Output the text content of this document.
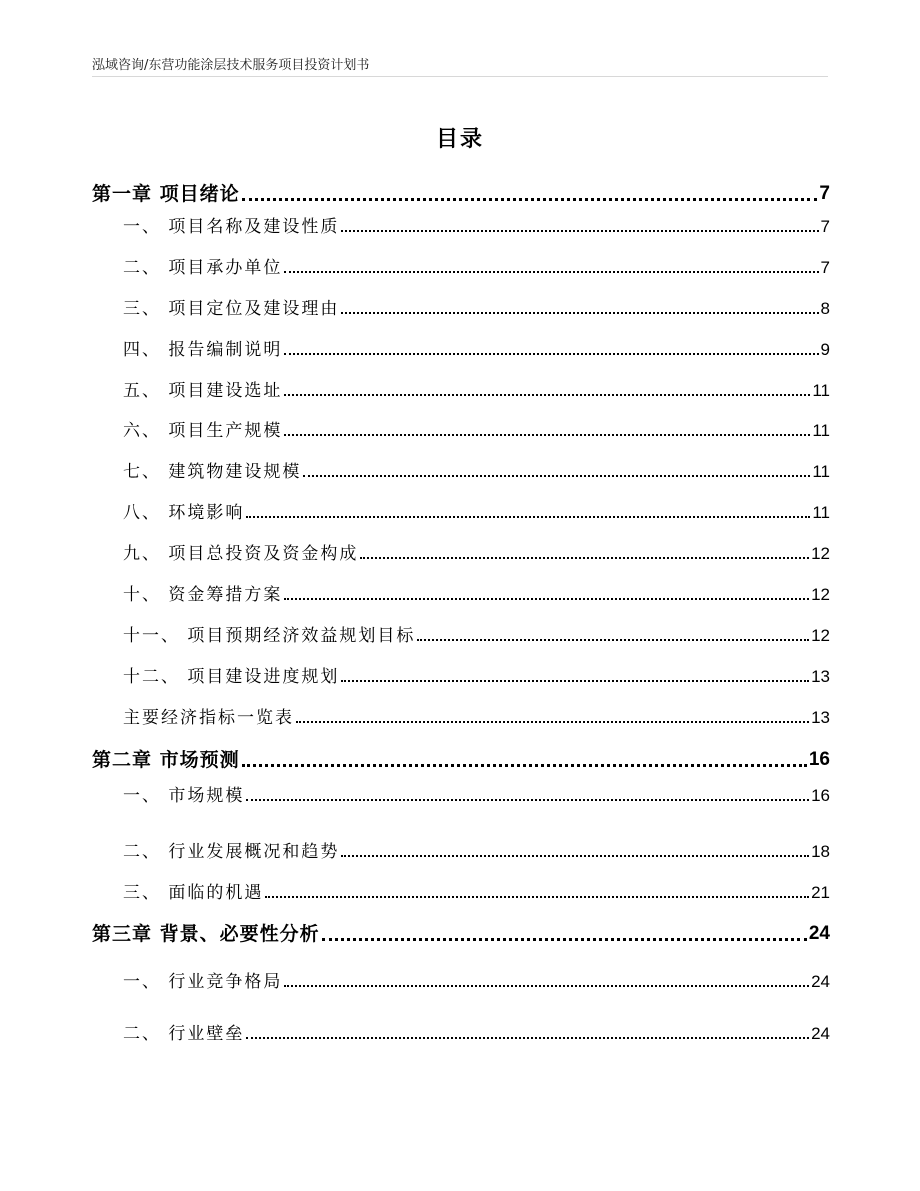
泓域咨询/东营功能涂层技术服务项目投资计划书
目录
第一章 项目绪论	7
一、 项目名称及建设性质	7
二、 项目承办单位	7
三、 项目定位及建设理由	8
四、 报告编制说明	9
五、 项目建设选址	11
六、 项目生产规模	11
七、 建筑物建设规模	11
八、 环境影响	11
九、 项目总投资及资金构成	12
十、 资金筹措方案	12
十一、 项目预期经济效益规划目标	12
十二、 项目建设进度规划	13
主要经济指标一览表	13
第二章 市场预测	16
一、 市场规模	16
二、 行业发展概况和趋势	18
三、 面临的机遇	21
第三章 背景、必要性分析	24
一、 行业竞争格局	24
二、 行业壁垒	24
